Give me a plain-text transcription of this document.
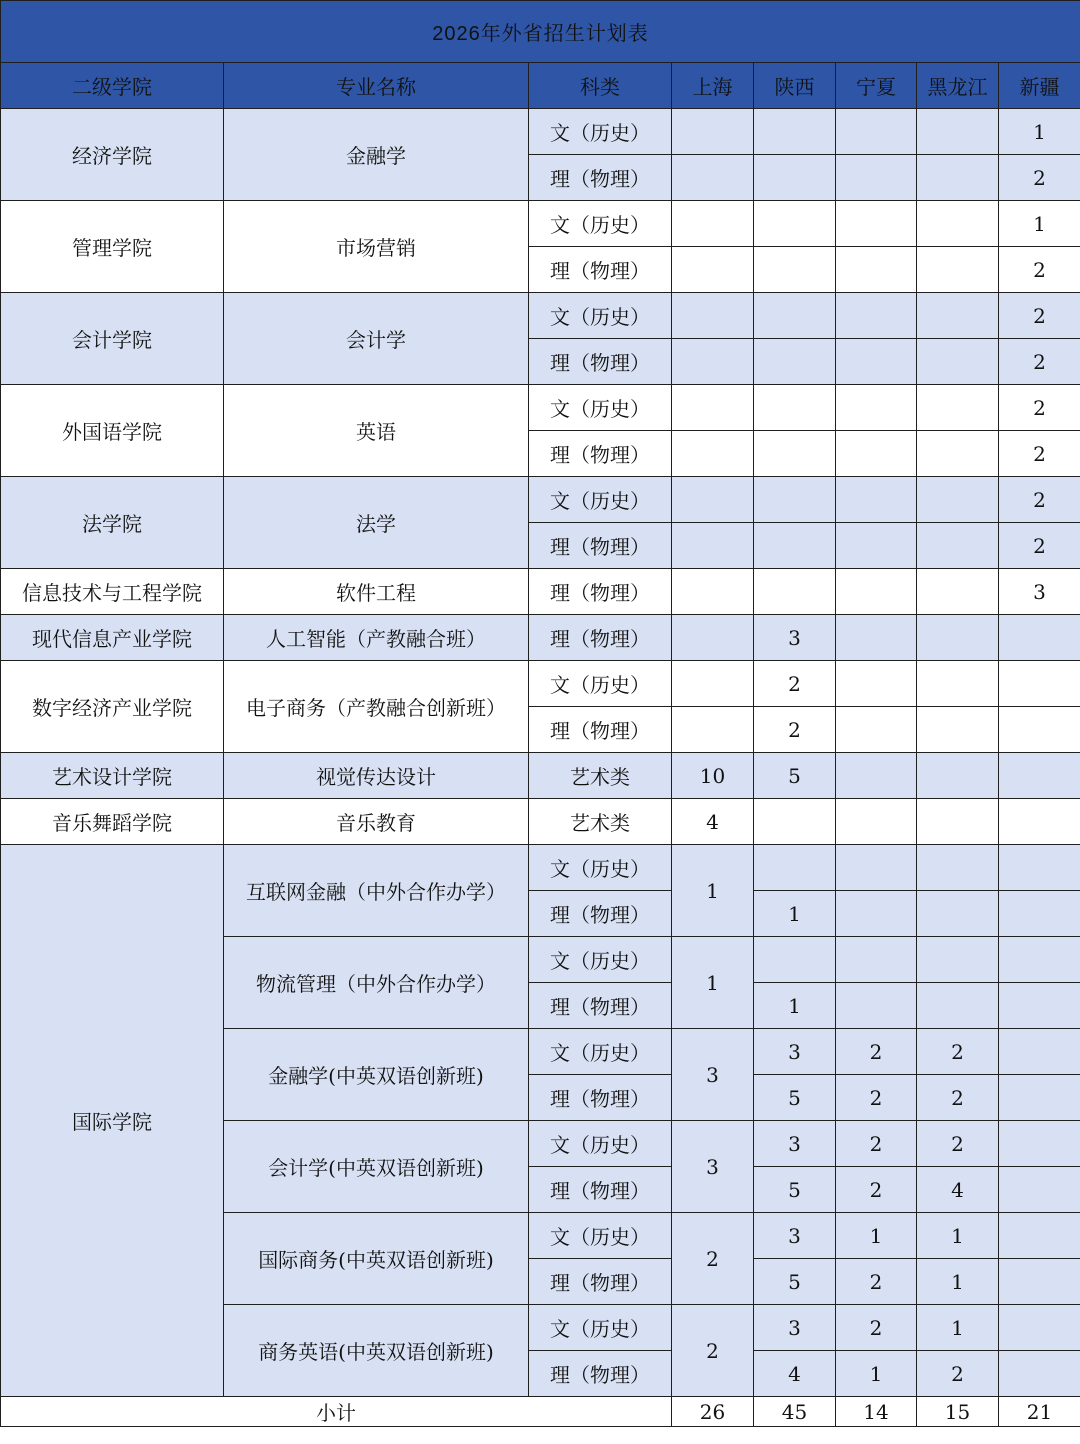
2026年外省招生计划表							
二级学院	专业名称	科类	上海	陕西	宁夏	黑龙江	新疆
经济学院	金融学	文（历史）					1
		理（物理）					2
管理学院	市场营销	文（历史）					1
		理（物理）					2
会计学院	会计学	文（历史）					2
		理（物理）					2
外国语学院	英语	文（历史）					2
		理（物理）					2
法学院	法学	文（历史）					2
		理（物理）					2
信息技术与工程学院	软件工程	理（物理）					3
现代信息产业学院	人工智能（产教融合班）	理（物理）		3			
数字经济产业学院	电子商务（产教融合创新班）	文（历史）		2			
		理（物理）		2			
艺术设计学院	视觉传达设计	艺术类	10	5			
音乐舞蹈学院	音乐教育	艺术类	4				
国际学院	互联网金融（中外合作办学）	文（历史）	1				
		理（物理）		1			
	物流管理（中外合作办学）	文（历史）	1				
		理（物理）		1			
	金融学(中英双语创新班)	文（历史）	3	3	2	2	
		理（物理）		5	2	2	
	会计学(中英双语创新班)	文（历史）	3	3	2	2	
		理（物理）		5	2	4	
	国际商务(中英双语创新班)	文（历史）	2	3	1	1	
		理（物理）		5	2	1	
	商务英语(中英双语创新班)	文（历史）	2	3	2	1	
		理（物理）		4	1	2	
小计			26	45	14	15	21
